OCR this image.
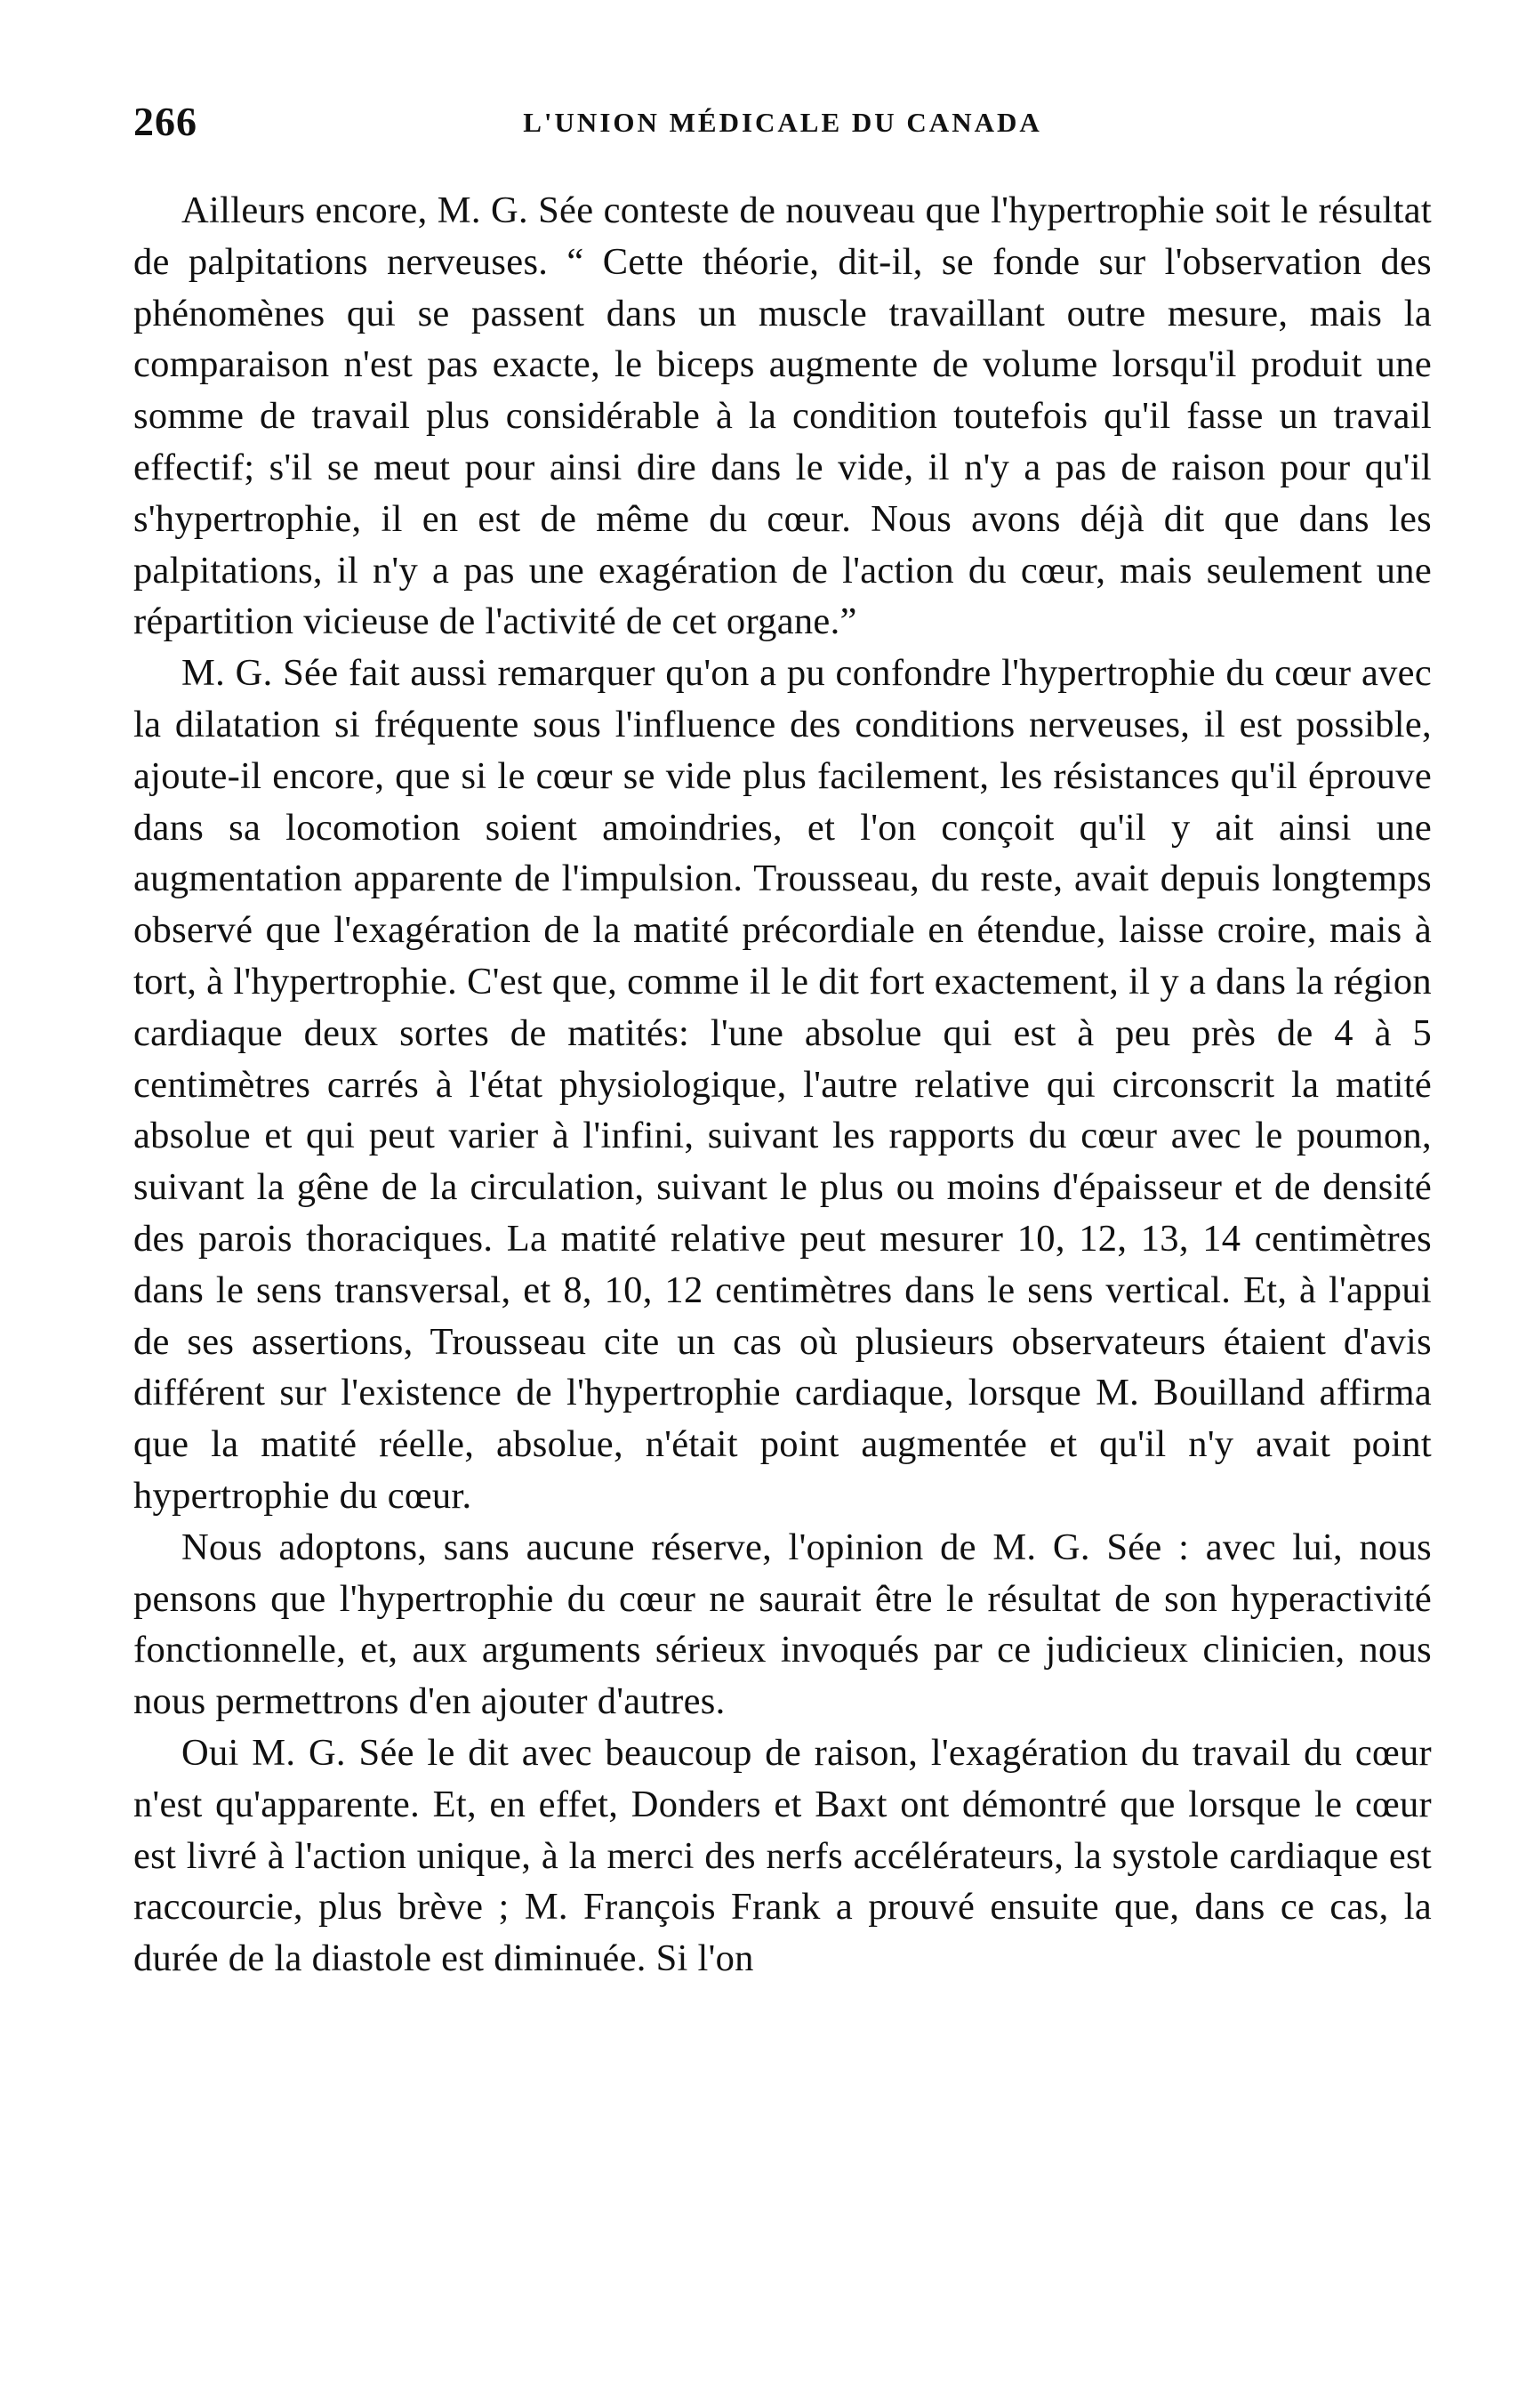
266	L'UNION MÉDICALE DU CANADA

Ailleurs encore, M. G. Sée conteste de nouveau que l'hypertrophie soit le résultat de palpitations nerveuses. “ Cette théorie, dit-il, se fonde sur l'observation des phénomènes qui se passent dans un muscle travaillant outre mesure, mais la comparaison n'est pas exacte, le biceps augmente de volume lorsqu'il produit une somme de travail plus considérable à la condition toutefois qu'il fasse un travail effectif; s'il se meut pour ainsi dire dans le vide, il n'y a pas de raison pour qu'il s'hypertrophie, il en est de même du cœur. Nous avons déjà dit que dans les palpitations, il n'y a pas une exagération de l'action du cœur, mais seulement une répartition vicieuse de l'activité de cet organe.”

M. G. Sée fait aussi remarquer qu'on a pu confondre l'hypertrophie du cœur avec la dilatation si fréquente sous l'influence des conditions nerveuses, il est possible, ajoute-il encore, que si le cœur se vide plus facilement, les résistances qu'il éprouve dans sa locomotion soient amoindries, et l'on conçoit qu'il y ait ainsi une augmentation apparente de l'impulsion. Trousseau, du reste, avait depuis longtemps observé que l'exagération de la matité précordiale en étendue, laisse croire, mais à tort, à l'hypertrophie. C'est que, comme il le dit fort exactement, il y a dans la région cardiaque deux sortes de matités: l'une absolue qui est à peu près de 4 à 5 centimètres carrés à l'état physiologique, l'autre relative qui circonscrit la matité absolue et qui peut varier à l'infini, suivant les rapports du cœur avec le poumon, suivant la gêne de la circulation, suivant le plus ou moins d'épaisseur et de densité des parois thoraciques. La matité relative peut mesurer 10, 12, 13, 14 centimètres dans le sens transversal, et 8, 10, 12 centimètres dans le sens vertical. Et, à l'appui de ses assertions, Trousseau cite un cas où plusieurs observateurs étaient d'avis différent sur l'existence de l'hypertrophie cardiaque, lorsque M. Bouilland affirma que la matité réelle, absolue, n'était point augmentée et qu'il n'y avait point hypertrophie du cœur.

Nous adoptons, sans aucune réserve, l'opinion de M. G. Sée : avec lui, nous pensons que l'hypertrophie du cœur ne saurait être le résultat de son hyperactivité fonctionnelle, et, aux arguments sérieux invoqués par ce judicieux clinicien, nous nous permettrons d'en ajouter d'autres.

Oui M. G. Sée le dit avec beaucoup de raison, l'exagération du travail du cœur n'est qu'apparente. Et, en effet, Donders et Baxt ont démontré que lorsque le cœur est livré à l'action unique, à la merci des nerfs accélérateurs, la systole cardiaque est raccourcie, plus brève ; M. François Frank a prouvé ensuite que, dans ce cas, la durée de la diastole est diminuée. Si l'on
